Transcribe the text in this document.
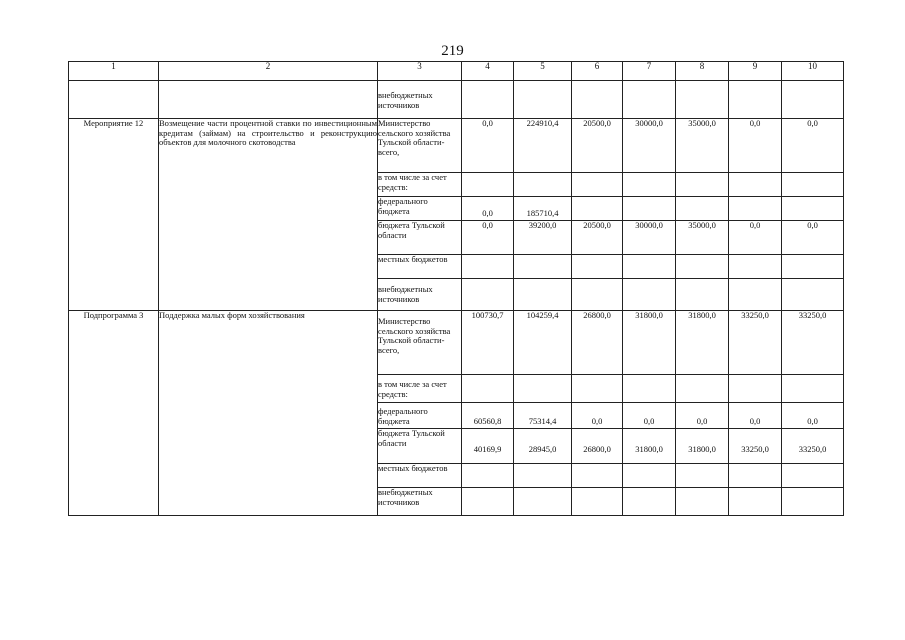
219
1	2	3	4	5	6	7	8	9	10
		внебюджетных источников							
Мероприятие 12	Возмещение части процентной ставки по инвестиционным кредитам (займам) на строительство и реконструкцию объектов для молочного скотоводства	Министерство сельского хозяйства Тульской области- всего,	0,0	224910,4	20500,0	30000,0	35000,0	0,0	0,0
		в том числе за счет средств:							
		федерального бюджета	0,0	185710,4					
		бюджета Тульской области	0,0	39200,0	20500,0	30000,0	35000,0	0,0	0,0
		местных бюджетов							
		внебюджетных источников							
Подпрограмма 3	Поддержка малых форм хозяйствования	Министерство сельского хозяйства Тульской области- всего,	100730,7	104259,4	26800,0	31800,0	31800,0	33250,0	33250,0
		в том числе за счет средств:							
		федерального бюджета	60560,8	75314,4	0,0	0,0	0,0	0,0	0,0
		бюджета Тульской области	40169,9	28945,0	26800,0	31800,0	31800,0	33250,0	33250,0
		местных бюджетов							
		внебюджетных источников							
